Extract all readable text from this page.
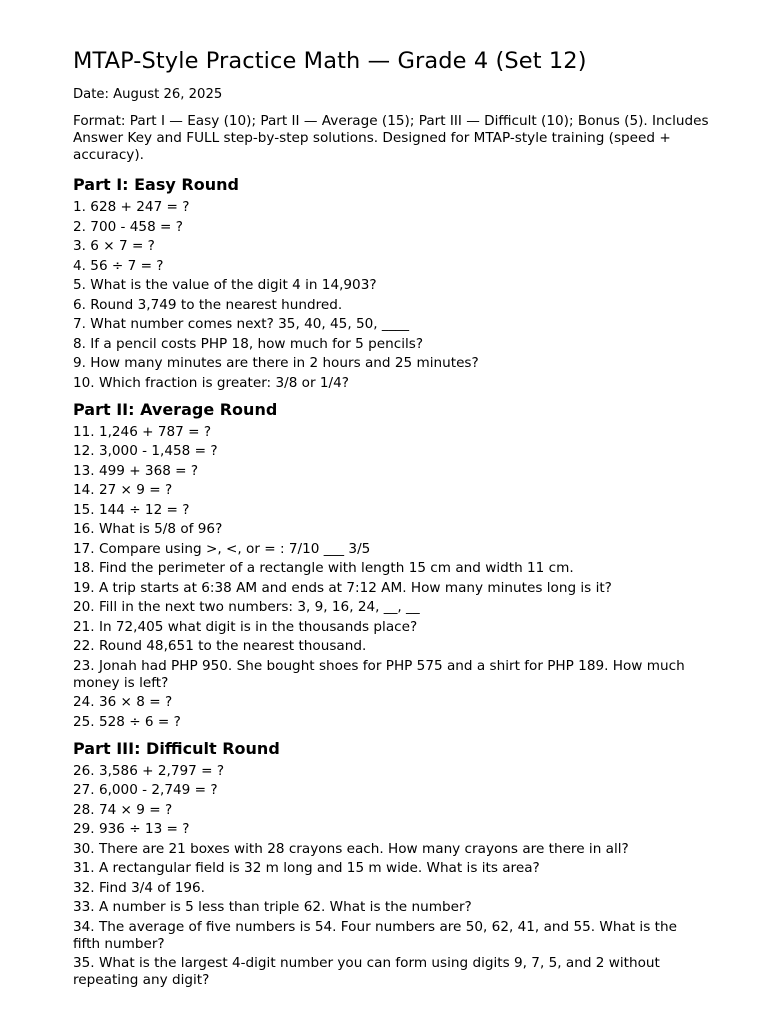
MTAP-Style Practice Math — Grade 4 (Set 12)
Date: August 26, 2025
Format: Part I — Easy (10); Part II — Average (15); Part III — Difficult (10); Bonus (5). Includes Answer Key and FULL step-by-step solutions. Designed for MTAP-style training (speed + accuracy).
Part I: Easy Round
1. 628 + 247 = ?
2. 700 - 458 = ?
3. 6 × 7 = ?
4. 56 ÷ 7 = ?
5. What is the value of the digit 4 in 14,903?
6. Round 3,749 to the nearest hundred.
7. What number comes next? 35, 40, 45, 50, ____
8. If a pencil costs PHP 18, how much for 5 pencils?
9. How many minutes are there in 2 hours and 25 minutes?
10. Which fraction is greater: 3/8 or 1/4?
Part II: Average Round
11. 1,246 + 787 = ?
12. 3,000 - 1,458 = ?
13. 499 + 368 = ?
14. 27 × 9 = ?
15. 144 ÷ 12 = ?
16. What is 5/8 of 96?
17. Compare using >, <, or = : 7/10 ___ 3/5
18. Find the perimeter of a rectangle with length 15 cm and width 11 cm.
19. A trip starts at 6:38 AM and ends at 7:12 AM. How many minutes long is it?
20. Fill in the next two numbers: 3, 9, 16, 24, __, __
21. In 72,405 what digit is in the thousands place?
22. Round 48,651 to the nearest thousand.
23. Jonah had PHP 950. She bought shoes for PHP 575 and a shirt for PHP 189. How much money is left?
24. 36 × 8 = ?
25. 528 ÷ 6 = ?
Part III: Difficult Round
26. 3,586 + 2,797 = ?
27. 6,000 - 2,749 = ?
28. 74 × 9 = ?
29. 936 ÷ 13 = ?
30. There are 21 boxes with 28 crayons each. How many crayons are there in all?
31. A rectangular field is 32 m long and 15 m wide. What is its area?
32. Find 3/4 of 196.
33. A number is 5 less than triple 62. What is the number?
34. The average of five numbers is 54. Four numbers are 50, 62, 41, and 55. What is the fifth number?
35. What is the largest 4-digit number you can form using digits 9, 7, 5, and 2 without repeating any digit?
